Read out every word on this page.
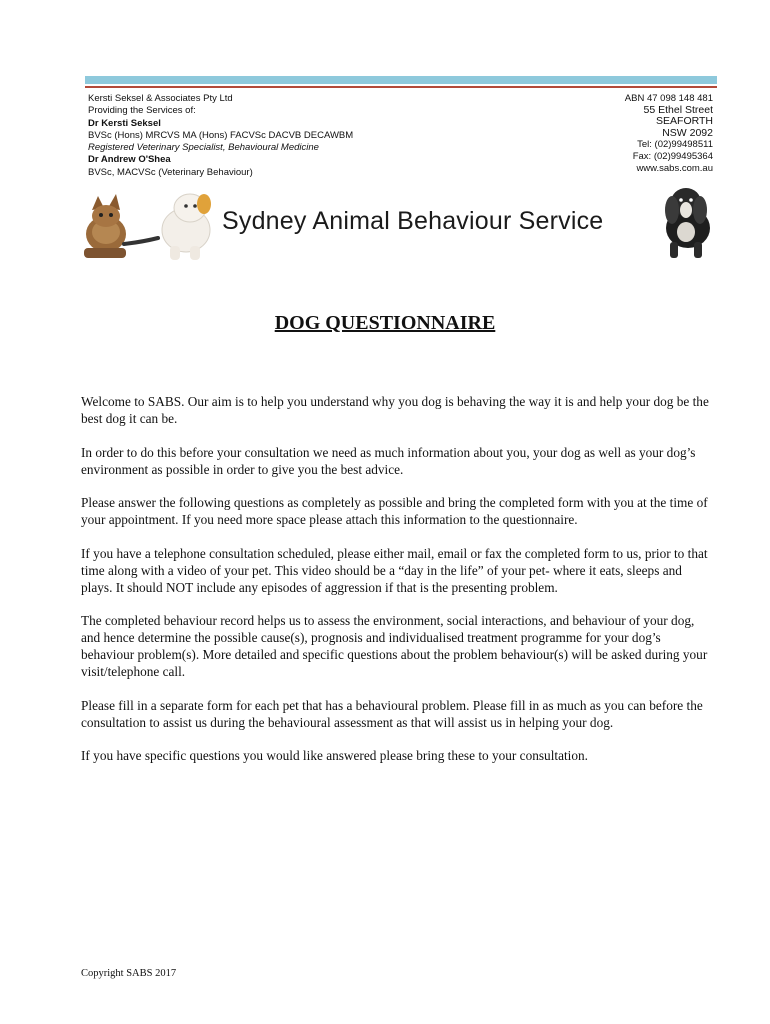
Kersti Seksel & Associates Pty Ltd
Providing the Services of:
Dr Kersti Seksel
BVSc (Hons) MRCVS MA (Hons) FACVSc DACVB DECAWBM
Registered Veterinary Specialist, Behavioural Medicine
Dr Andrew O'Shea
BVSc, MACVSc (Veterinary Behaviour)
ABN 47 098 148 481
55 Ethel Street
SEAFORTH
NSW 2092
Tel: (02)99498511
Fax: (02)99495364
www.sabs.com.au
Sydney Animal Behaviour Service
DOG QUESTIONNAIRE

Welcome to SABS. Our aim is to help you understand why you dog is behaving the way it is and help your dog be the best dog it can be.

In order to do this before your consultation we need as much information about you, your dog as well as your dog’s environment as possible in order to give you the best advice.

Please answer the following questions as completely as possible and bring the completed form with you at the time of your appointment. If you need more space please attach this information to the questionnaire.

If you have a telephone consultation scheduled, please either mail, email or fax the completed form to us, prior to that time along with a video of your pet. This video should be a “day in the life” of your pet- where it eats, sleeps and plays. It should NOT include any episodes of aggression if that is the presenting problem.

The completed behaviour record helps us to assess the environment, social interactions, and behaviour of your dog, and hence determine the possible cause(s), prognosis and individualised treatment programme for your dog’s behaviour problem(s). More detailed and specific questions about the problem behaviour(s) will be asked during your visit/telephone call.

Please fill in a separate form for each pet that has a behavioural problem. Please fill in as much as you can before the consultation to assist us during the behavioural assessment as that will assist us in helping your dog.

If you have specific questions you would like answered please bring these to your consultation.

Copyright SABS 2017
